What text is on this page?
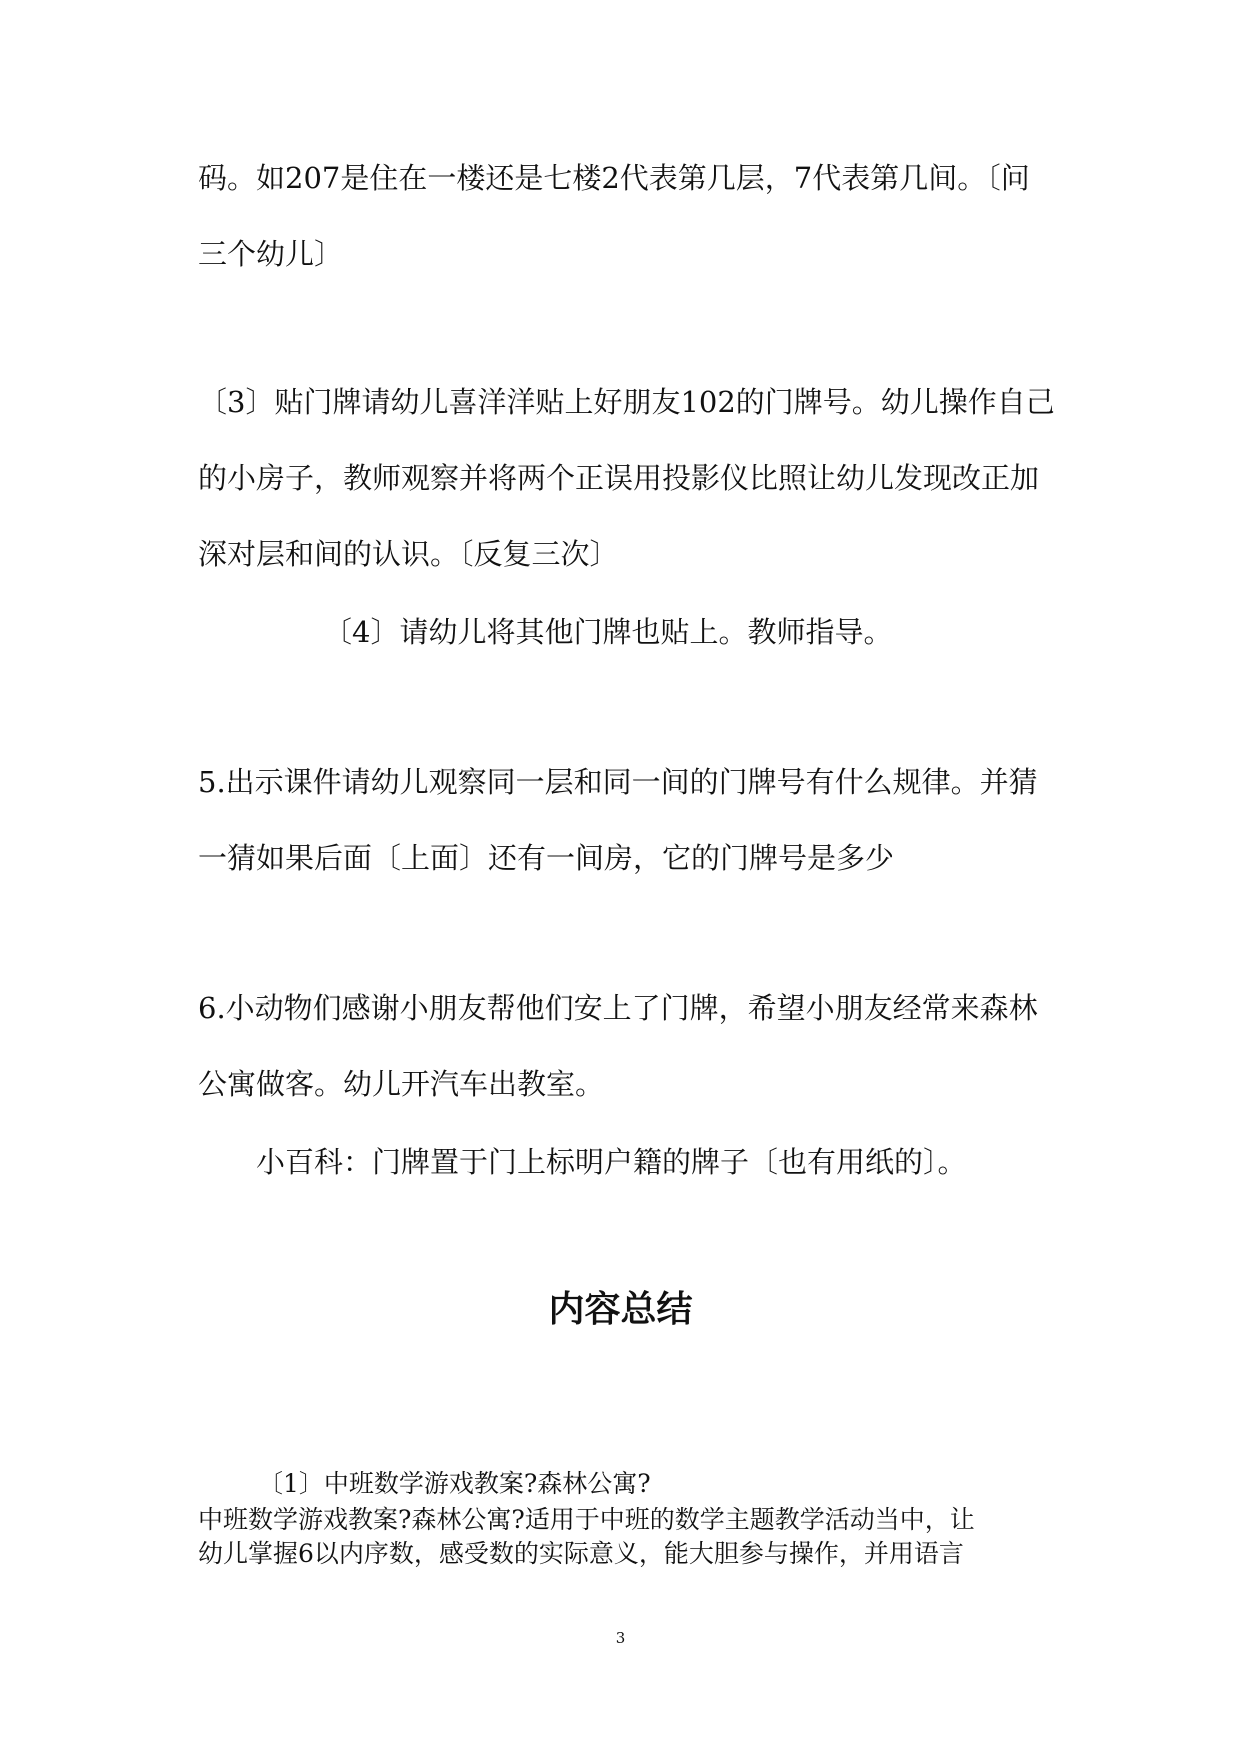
码。如207是住在一楼还是七楼2代表第几层，7代表第几间。〔问
三个幼儿〕
〔3〕贴门牌请幼儿喜洋洋贴上好朋友102的门牌号。幼儿操作自己
的小房子，教师观察并将两个正误用投影仪比照让幼儿发现改正加
深对层和间的认识。〔反复三次〕
〔4〕请幼儿将其他门牌也贴上。教师指导。
5.出示课件请幼儿观察同一层和同一间的门牌号有什么规律。并猜
一猜如果后面〔上面〕还有一间房，它的门牌号是多少
6.小动物们感谢小朋友帮他们安上了门牌，希望小朋友经常来森林
公寓做客。幼儿开汽车出教室。
小百科：门牌置于门上标明户籍的牌子〔也有用纸的〕。
内容总结
〔1〕中班数学游戏教案?森林公寓?
中班数学游戏教案?森林公寓?适用于中班的数学主题教学活动当中，让
幼儿掌握6以内序数，感受数的实际意义，能大胆参与操作，并用语言
3
